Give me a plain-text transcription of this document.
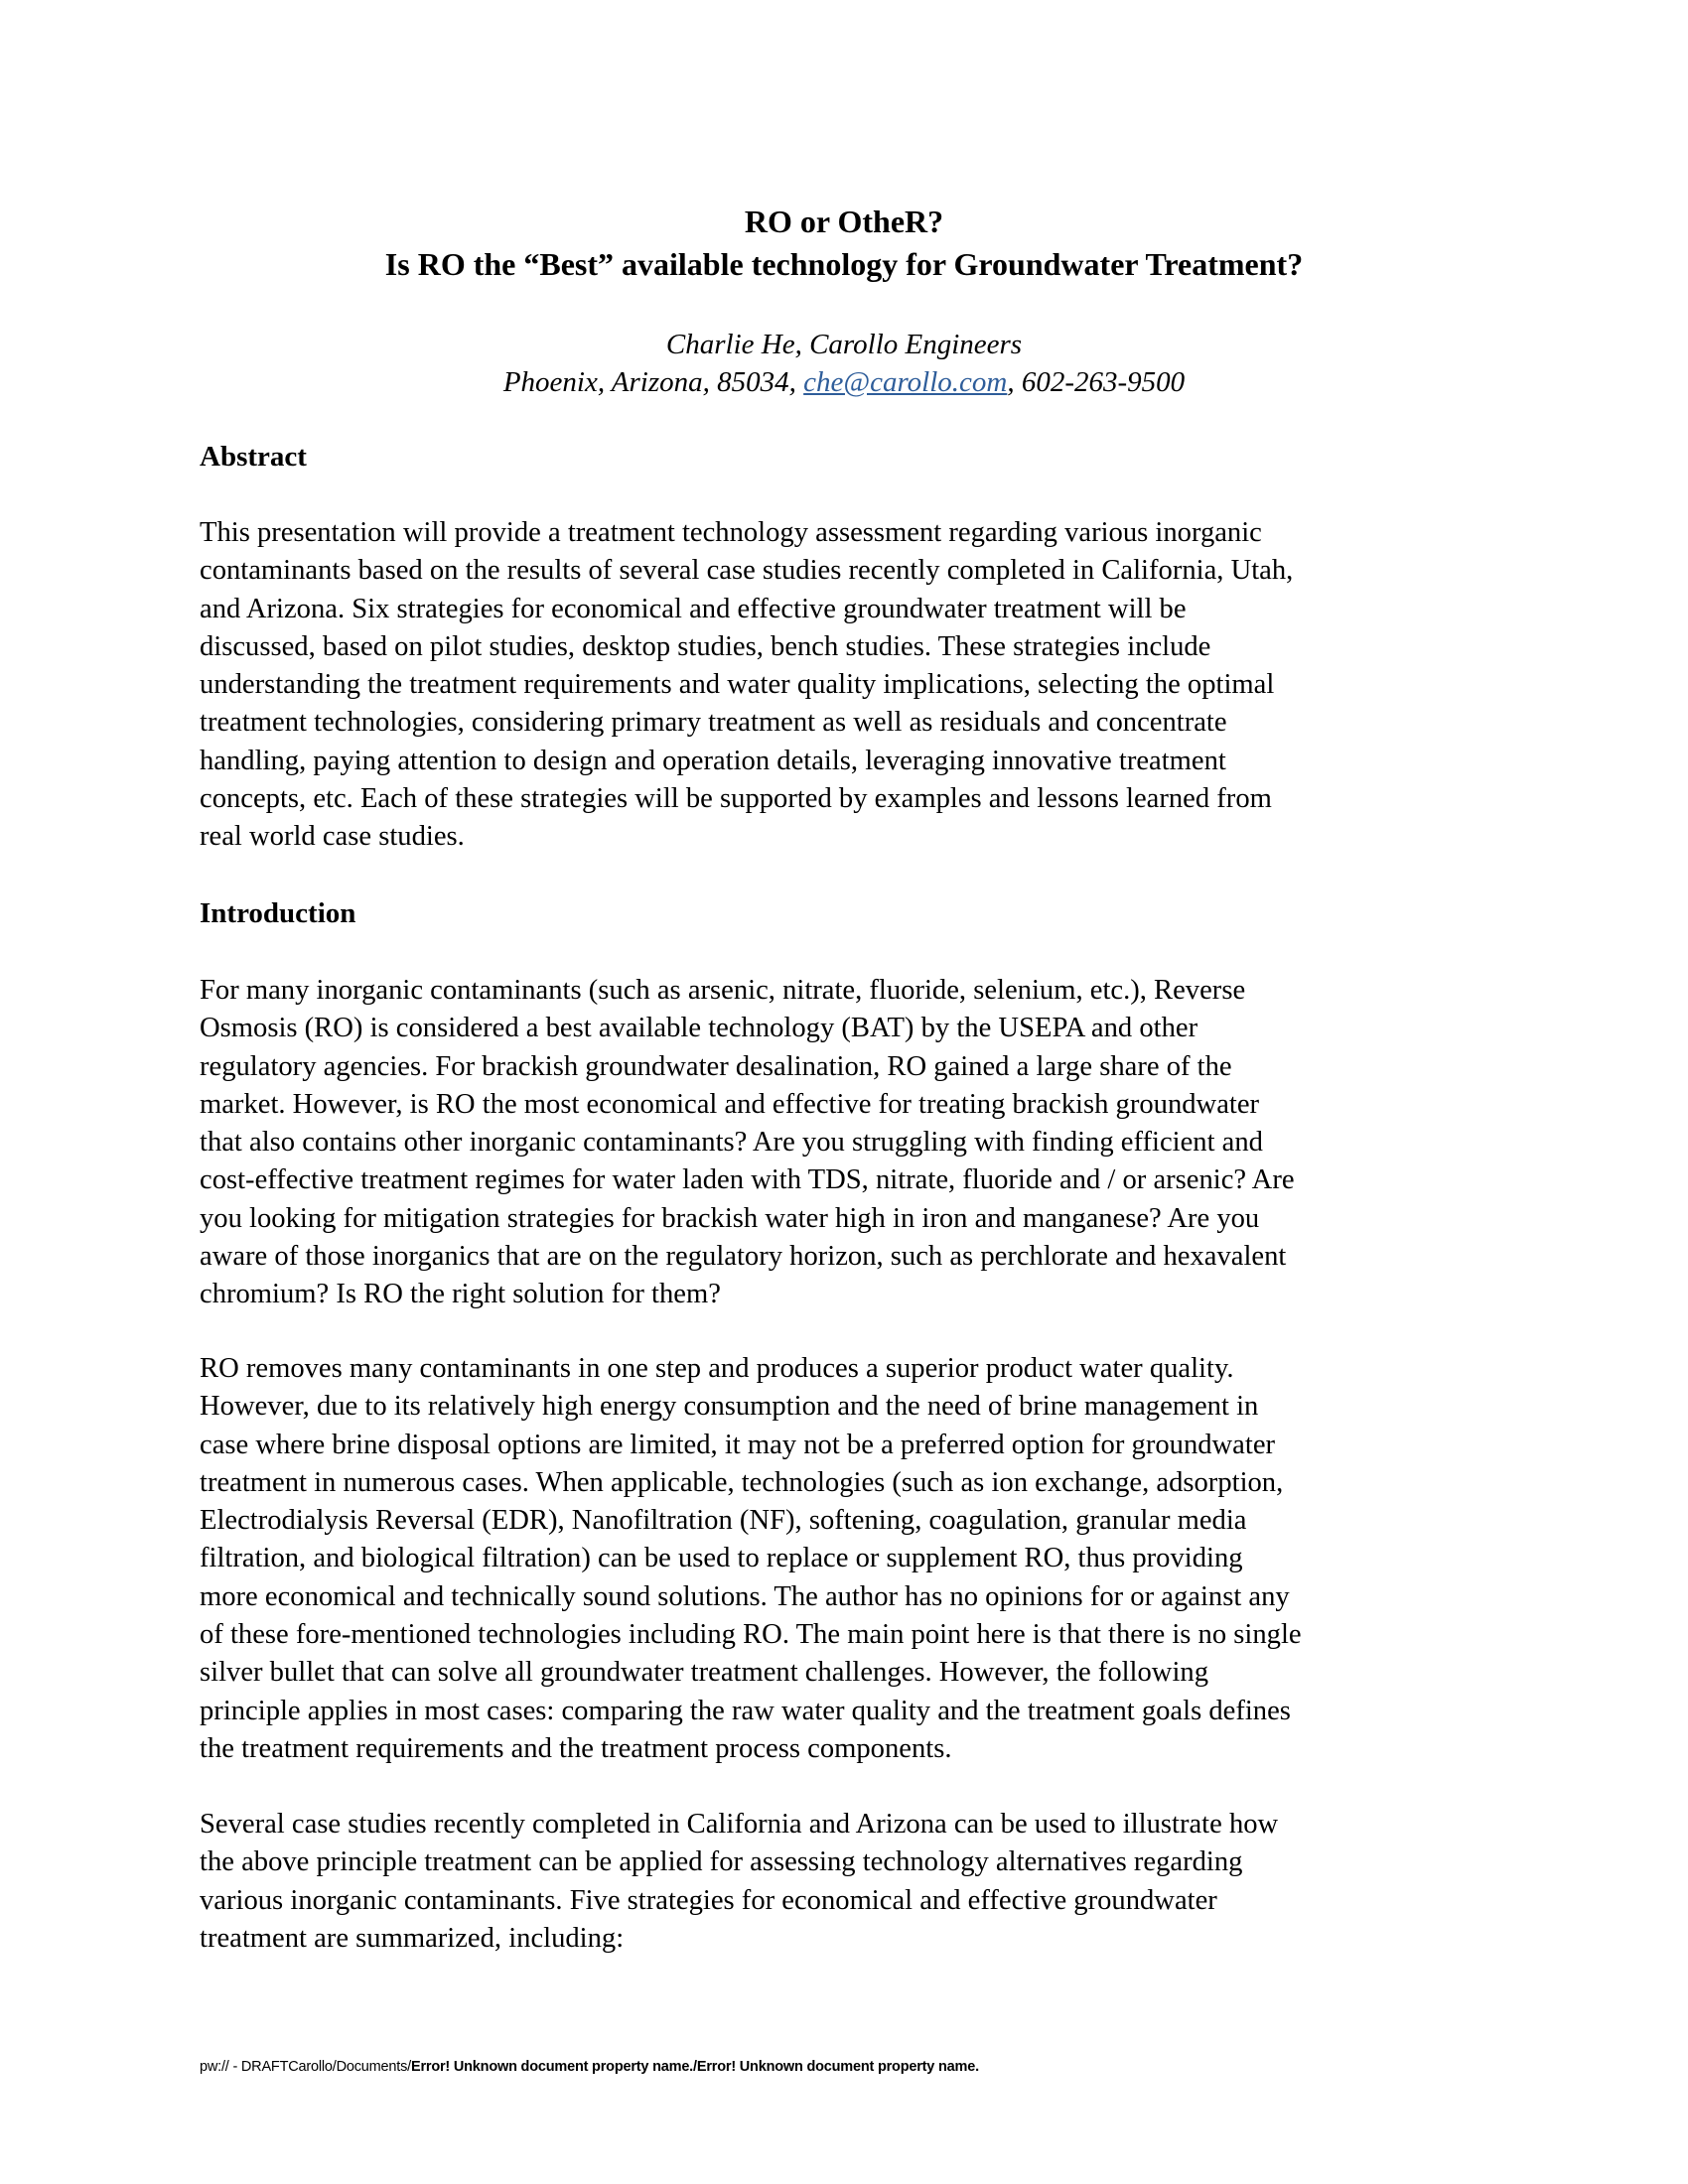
RO or OtheR?
Is RO the “Best” available technology for Groundwater Treatment?
Charlie He, Carollo Engineers
Phoenix, Arizona, 85034, che@carollo.com, 602-263-9500
Abstract
This presentation will provide a treatment technology assessment regarding various inorganic
contaminants based on the results of several case studies recently completed in California, Utah,
and Arizona. Six strategies for economical and effective groundwater treatment will be
discussed, based on pilot studies, desktop studies, bench studies. These strategies include
understanding the treatment requirements and water quality implications, selecting the optimal
treatment technologies, considering primary treatment as well as residuals and concentrate
handling, paying attention to design and operation details, leveraging innovative treatment
concepts, etc. Each of these strategies will be supported by examples and lessons learned from
real world case studies.
Introduction
For many inorganic contaminants (such as arsenic, nitrate, fluoride, selenium, etc.), Reverse
Osmosis (RO) is considered a best available technology (BAT) by the USEPA and other
regulatory agencies. For brackish groundwater desalination, RO gained a large share of the
market. However, is RO the most economical and effective for treating brackish groundwater
that also contains other inorganic contaminants? Are you struggling with finding efficient and
cost-effective treatment regimes for water laden with TDS, nitrate, fluoride and / or arsenic? Are
you looking for mitigation strategies for brackish water high in iron and manganese? Are you
aware of those inorganics that are on the regulatory horizon, such as perchlorate and hexavalent
chromium? Is RO the right solution for them?
RO removes many contaminants in one step and produces a superior product water quality.
However, due to its relatively high energy consumption and the need of brine management in
case where brine disposal options are limited, it may not be a preferred option for groundwater
treatment in numerous cases. When applicable, technologies (such as ion exchange, adsorption,
Electrodialysis Reversal (EDR), Nanofiltration (NF), softening, coagulation, granular media
filtration, and biological filtration) can be used to replace or supplement RO, thus providing
more economical and technically sound solutions. The author has no opinions for or against any
of these fore-mentioned technologies including RO. The main point here is that there is no single
silver bullet that can solve all groundwater treatment challenges. However, the following
principle applies in most cases: comparing the raw water quality and the treatment goals defines
the treatment requirements and the treatment process components.
Several case studies recently completed in California and Arizona can be used to illustrate how
the above principle treatment can be applied for assessing technology alternatives regarding
various inorganic contaminants. Five strategies for economical and effective groundwater
treatment are summarized, including:
pw:// - DRAFTCarollo/Documents/Error! Unknown document property name./Error! Unknown document property name.
